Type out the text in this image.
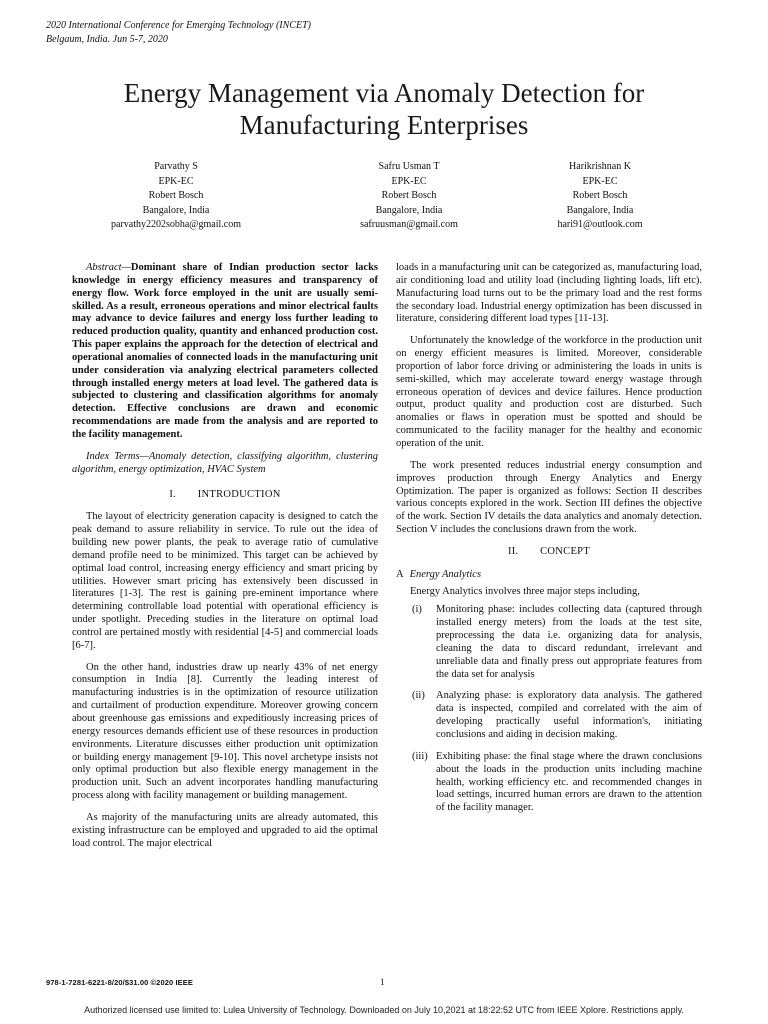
2020 International Conference for Emerging Technology (INCET)
Belgaum, India. Jun 5-7, 2020
Energy Management via Anomaly Detection for
Manufacturing Enterprises
Parvathy S
EPK-EC
Robert Bosch
Bangalore, India
parvathy2202sobha@gmail.com
Safru Usman T
EPK-EC
Robert Bosch
Bangalore, India
safruusman@gmail.com
Harikrishnan K
EPK-EC
Robert Bosch
Bangalore, India
hari91@outlook.com

Abstract—Dominant share of Indian production sector lacks knowledge in energy efficiency measures and transparency of energy flow. Work force employed in the unit are usually semi-skilled. As a result, erroneous operations and minor electrical faults may advance to device failures and energy loss further leading to reduced production quality, quantity and enhanced production cost. This paper explains the approach for the detection of electrical and operational anomalies of connected loads in the manufacturing unit under consideration via analyzing electrical parameters collected through installed energy meters at load level. The gathered data is subjected to clustering and classification algorithms for anomaly detection. Effective conclusions are drawn and economic recommendations are made from the analysis and are reported to the facility management.

Index Terms—Anomaly detection, classifying algorithm, clustering algorithm, energy optimization, HVAC System

I.  INTRODUCTION

The layout of electricity generation capacity is designed to catch the peak demand to assure reliability in service. To rule out the idea of building new power plants, the peak to average ratio of cumulative demand profile need to be minimized. This target can be achieved by optimal load control, increasing energy efficiency and smart pricing by utilities. However smart pricing has extensively been discussed in literatures [1-3]. The rest is gaining pre-eminent importance where determining controllable load potential with operational efficiency is under spotlight. Preceding studies in the literature on optimal load control are pertained mostly with residential [4-5] and commercial loads [6-7].

On the other hand, industries draw up nearly 43% of net energy consumption in India [8]. Currently the leading interest of manufacturing industries is in the optimization of resource utilization and curtailment of production expenditure. Moreover growing concern about greenhouse gas emissions and expeditiously increasing prices of energy resources demands efficient use of these resources in production environments. Literature discusses either production unit optimization or building energy management [9-10]. This novel archetype insists not only optimal production but also flexible energy management in the production unit. Such an advent incorporates handling manufacturing process along with facility management or building management.

As majority of the manufacturing units are already automated, this existing infrastructure can be employed and upgraded to aid the optimal load control. The major electrical

loads in a manufacturing unit can be categorized as, manufacturing load, air conditioning load and utility load (including lighting loads, lift etc). Manufacturing load turns out to be the primary load and the rest forms the secondary load. Industrial energy optimization has been discussed in literature, considering different load types [11-13].

Unfortunately the knowledge of the workforce in the production unit on energy efficient measures is limited. Moreover, considerable proportion of labor force driving or administering the loads in units is semi-skilled, which may accelerate toward energy wastage through erroneous operation of devices and device failures. Hence production output, product quality and production cost are disturbed. Such anomalies or flaws in operation must be spotted and should be communicated to the facility manager for the healthy and economic operation of the unit.

The work presented reduces industrial energy consumption and improves production through Energy Analytics and Energy Optimization. The paper is organized as follows: Section II describes various concepts explored in the work. Section III defines the objective of the work. Section IV details the data analytics and anomaly detection. Section V includes the conclusions drawn from the work.

II.  CONCEPT
A Energy Analytics

Energy Analytics involves three major steps including,

(i) Monitoring phase: includes collecting data (captured through installed energy meters) from the loads at the test site, preprocessing the data i.e. organizing data for analysis, cleaning the data to discard redundant, irrelevant and unreliable data and finally press out appropriate features from the data set for analysis
(ii) Analyzing phase: is exploratory data analysis. The gathered data is inspected, compiled and correlated with the aim of developing practically useful information's, initiating conclusions and aiding in decision making.
(iii) Exhibiting phase: the final stage where the drawn conclusions about the loads in the production units including machine health, working efficiency etc. and recommended changes in load settings, incurred human errors are drawn to the attention of the facility manager.
978-1-7281-6221-8/20/$31.00 ©2020 IEEE	1
Authorized licensed use limited to: Lulea University of Technology. Downloaded on July 10,2021 at 18:22:52 UTC from IEEE Xplore. Restrictions apply.
